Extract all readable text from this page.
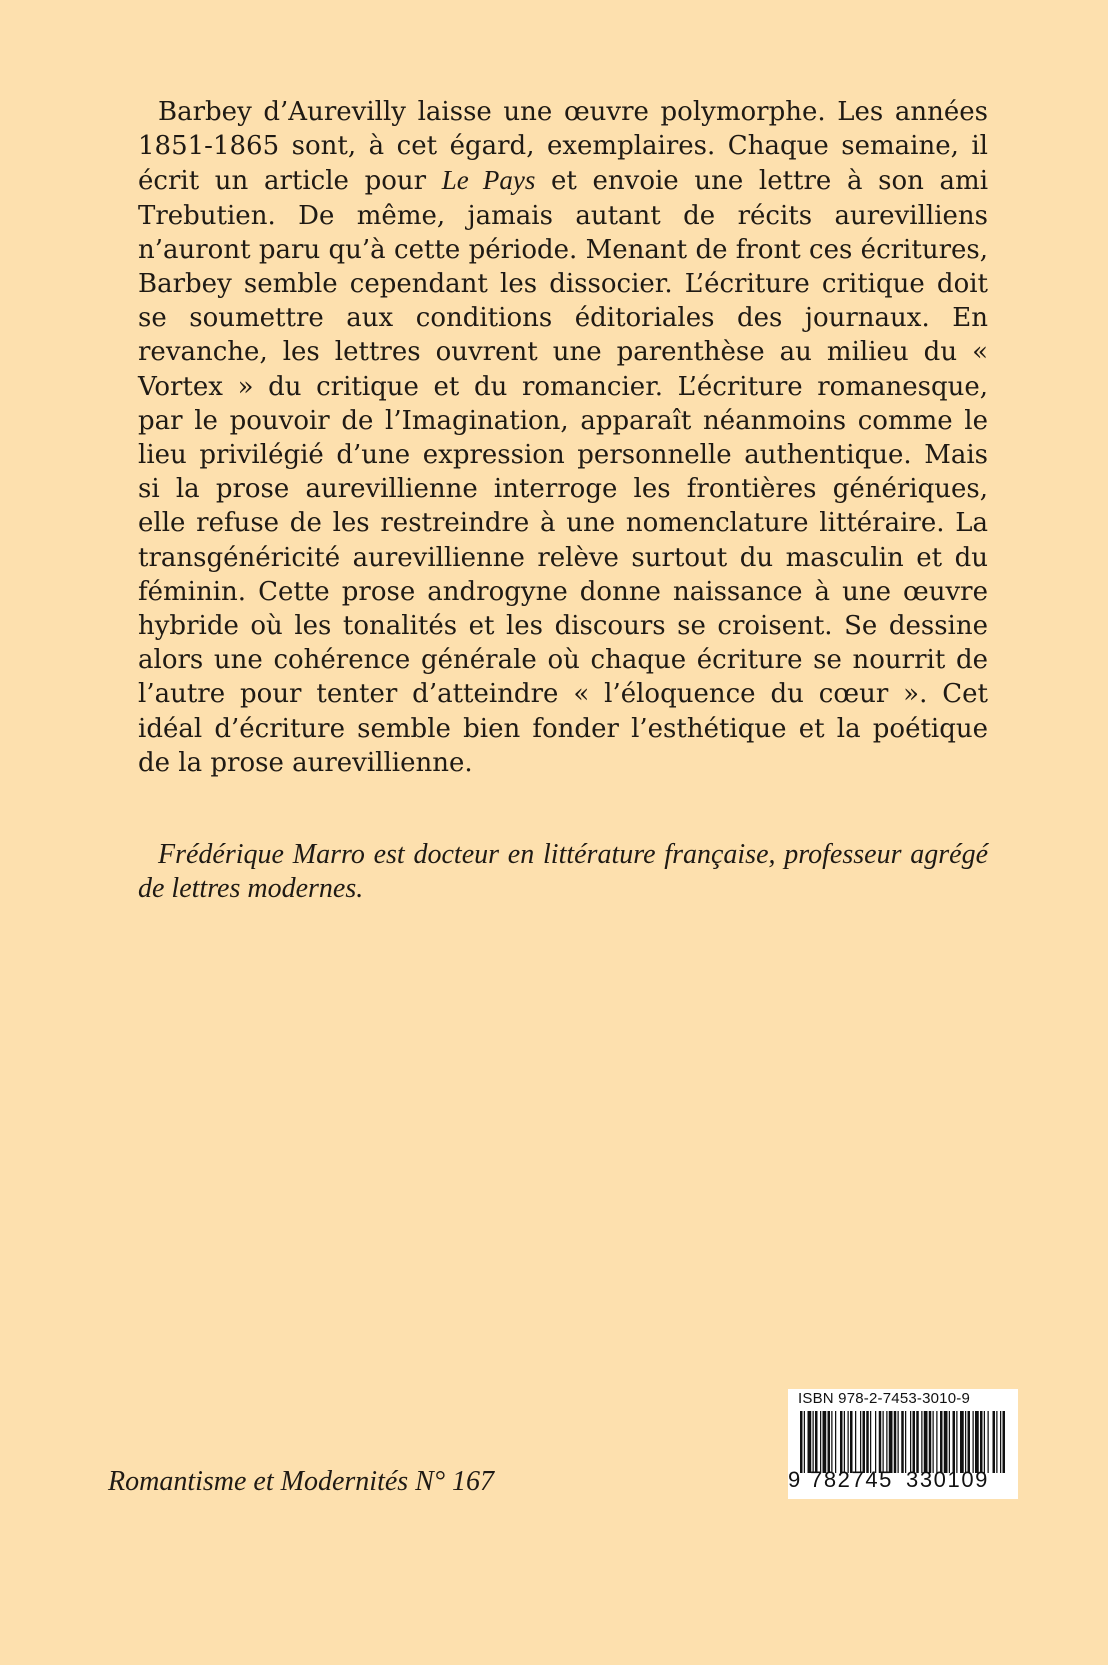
Barbey d’Aurevilly laisse une œuvre polymorphe. Les années 1851-1865 sont, à cet égard, exemplaires. Chaque semaine, il écrit un article pour Le Pays et envoie une lettre à son ami Trebutien. De même, jamais autant de récits aurevilliens n’auront paru qu’à cette période. Menant de front ces écritures, Barbey semble cependant les dissocier. L’écriture critique doit se soumettre aux conditions éditoriales des journaux. En revanche, les lettres ouvrent une parenthèse au milieu du « Vortex » du critique et du romancier. L’écriture romanesque, par le pouvoir de l’Imagination, apparaît néanmoins comme le lieu privilégié d’une expression personnelle authentique. Mais si la prose aurevillienne interroge les frontières génériques, elle refuse de les restreindre à une nomenclature littéraire. La transgénéricité aurevillienne relève surtout du masculin et du féminin. Cette prose androgyne donne naissance à une œuvre hybride où les tonalités et les discours se croisent. Se dessine alors une cohérence générale où chaque écriture se nourrit de l’autre pour tenter d’atteindre « l’éloquence du cœur ». Cet idéal d’écriture semble bien fonder l’esthétique et la poétique de la prose aurevillienne.

Frédérique Marro est docteur en littérature française, professeur agrégé de lettres modernes.

Romantisme et Modernités N° 167

ISBN 978-2-7453-3010-9
9 782745 330109
